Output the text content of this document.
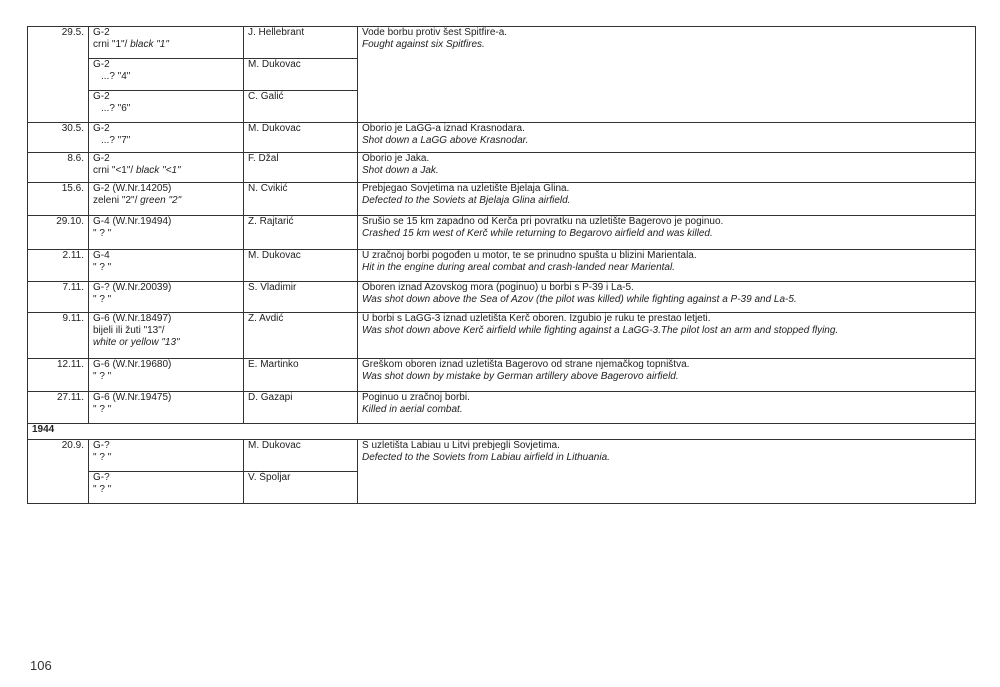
29.5.	G-2
crni "1"/ black "1"	J. Hellebrant	Vode borbu protiv šest Spitfire-a.
Fought against six Spitfires.

	G-2
...? "4"	M. Dukovac	

	G-2
...? "6"	C. Galić	
30.5.	G-2
...? "7"	M. Dukovac	Oborio je LaGG-a iznad Krasnodara.
Shot down a LaGG above Krasnodar.

8.6.	G-2
crni "<1"/ black "<1"	F. Džal	Oborio je Jaka.
Shot down a Jak.

15.6.	G-2 (W.Nr.14205)
zeleni "2"/ green "2"	N. Cvikić	Prebjegao Sovjetima na uzletište Bjelaja Glina.
Defected to the Soviets at Bjelaja Glina airfield.

29.10.	G-4 (W.Nr.19494)
" ? "	Z. Rajtarić	Srušio se 15 km zapadno od Kerča pri povratku na uzletište Bagerovo je poginuo.
Crashed 15 km west of Kerč while returning to Begarovo airfield and was killed.

2.11.	G-4
" ? "	M. Dukovac	U zračnoj borbi pogođen u motor, te se prinudno spušta u blizini Marientala.
Hit in the engine during areal combat and crash-landed near Mariental.

7.11.	G-? (W.Nr.20039)
" ? "	S. Vladimir	Oboren iznad Azovskog mora (poginuo) u borbi s P-39 i La-5.
Was shot down above the Sea of Azov (the pilot was killed) while fighting against a P-39 and La-5.

9.11.	G-6 (W.Nr.18497)
bijeli ili žuti "13"/
white or yellow "13"	Z. Avdić	U borbi s LaGG-3 iznad uzletišta Kerč oboren. Izgubio je ruku te prestao letjeti.
Was shot down above Kerč airfield while fighting against a LaGG-3.The pilot lost an arm and stopped flying.

12.11.	G-6 (W.Nr.19680)
" ? "	E. Martinko	Greškom oboren iznad uzletišta Bagerovo od strane njemačkog topništva.
Was shot down by mistake by German artillery above Bagerovo airfield.

27.11.	G-6 (W.Nr.19475)
" ? "	D. Gazapi	Poginuo u zračnoj borbi.
Killed in aerial combat.

1944			
20.9.	G-?
" ? "	M. Dukovac	S uzletišta Labiau u Litvi prebjegli Sovjetima.
Defected to the Soviets from Labiau airfield in Lithuania.

	G-?
" ? "	V. Špoljar	
106
